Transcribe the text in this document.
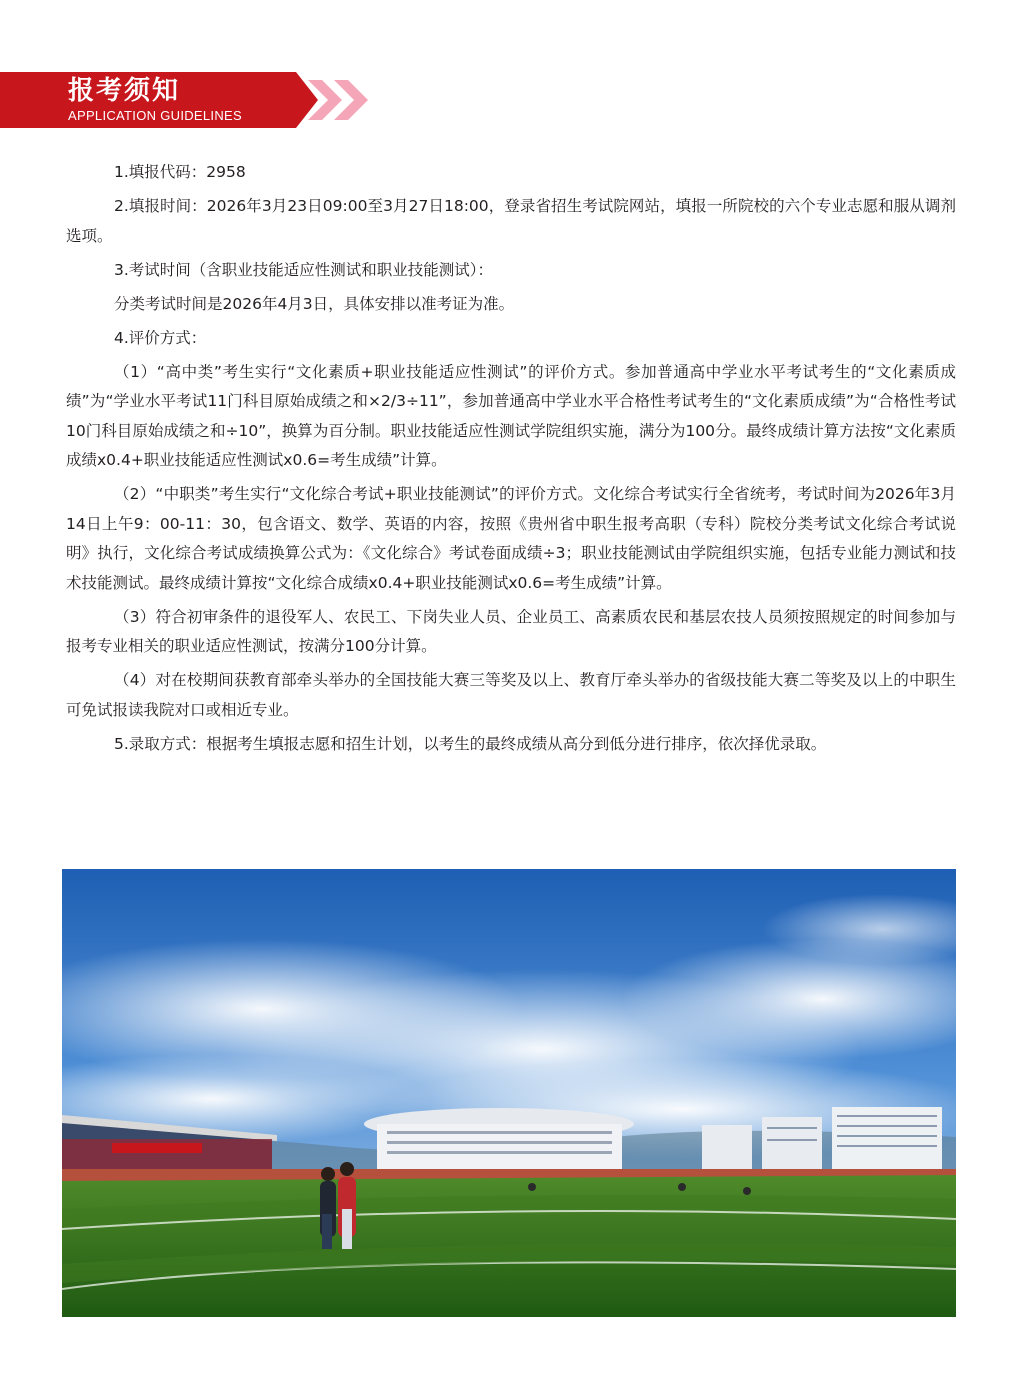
报考须知
APPLICATION GUIDELINES

1.填报代码：2958

2.填报时间：2026年3月23日09:00至3月27日18:00，登录省招生考试院网站，填报一所院校的六个专业志愿和服从调剂选项。

3.考试时间（含职业技能适应性测试和职业技能测试）：

分类考试时间是2026年4月3日，具体安排以准考证为准。

4.评价方式：

（1）“高中类”考生实行“文化素质+职业技能适应性测试”的评价方式。参加普通高中学业水平考试考生的“文化素质成绩”为“学业水平考试11门科目原始成绩之和×2/3÷11”，参加普通高中学业水平合格性考试考生的“文化素质成绩”为“合格性考试10门科目原始成绩之和÷10”，换算为百分制。职业技能适应性测试学院组织实施，满分为100分。最终成绩计算方法按“文化素质成绩x0.4+职业技能适应性测试x0.6=考生成绩”计算。

（2）“中职类”考生实行“文化综合考试+职业技能测试”的评价方式。文化综合考试实行全省统考，考试时间为2026年3月14日上午9：00-11：30，包含语文、数学、英语的内容，按照《贵州省中职生报考高职（专科）院校分类考试文化综合考试说明》执行，文化综合考试成绩换算公式为：《文化综合》考试卷面成绩÷3；职业技能测试由学院组织实施，包括专业能力测试和技术技能测试。最终成绩计算按“文化综合成绩x0.4+职业技能测试x0.6=考生成绩”计算。

（3）符合初审条件的退役军人、农民工、下岗失业人员、企业员工、高素质农民和基层农技人员须按照规定的时间参加与报考专业相关的职业适应性测试，按满分100分计算。

（4）对在校期间获教育部牵头举办的全国技能大赛三等奖及以上、教育厅牵头举办的省级技能大赛二等奖及以上的中职生可免试报读我院对口或相近专业。

5.录取方式：根据考生填报志愿和招生计划，以考生的最终成绩从高分到低分进行排序，依次择优录取。
